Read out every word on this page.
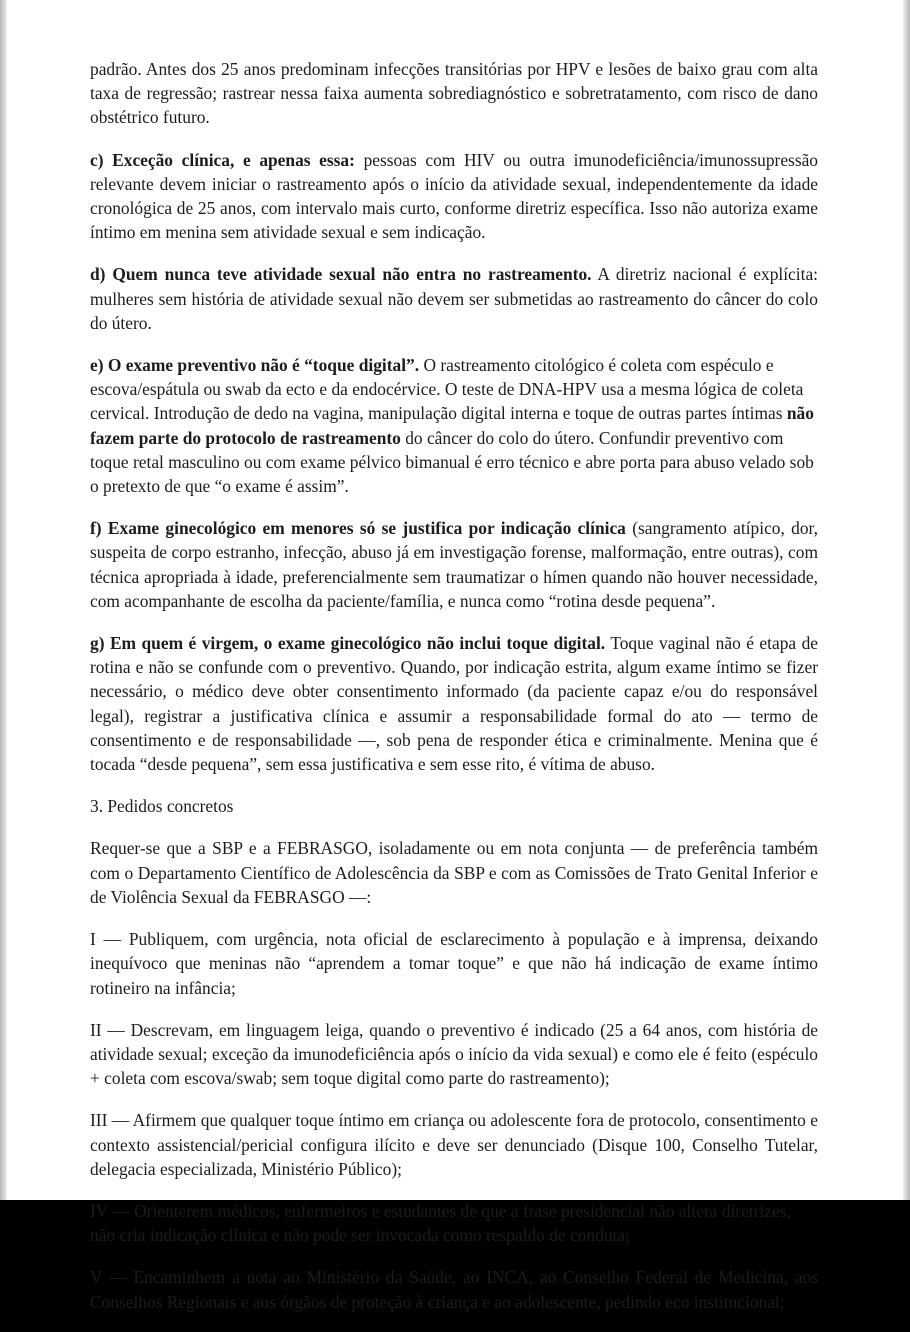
padrão. Antes dos 25 anos predominam infecções transitórias por HPV e lesões de baixo grau com alta taxa de regressão; rastrear nessa faixa aumenta sobrediagnóstico e sobretratamento, com risco de dano obstétrico futuro.

c) Exceção clínica, e apenas essa: pessoas com HIV ou outra imunodeficiência/imunossupressão relevante devem iniciar o rastreamento após o início da atividade sexual, independentemente da idade cronológica de 25 anos, com intervalo mais curto, conforme diretriz específica. Isso não autoriza exame íntimo em menina sem atividade sexual e sem indicação.

d) Quem nunca teve atividade sexual não entra no rastreamento. A diretriz nacional é explícita: mulheres sem história de atividade sexual não devem ser submetidas ao rastreamento do câncer do colo do útero.

e) O exame preventivo não é “toque digital”. O rastreamento citológico é coleta com espéculo e escova/espátula ou swab da ecto e da endocérvice. O teste de DNA-HPV usa a mesma lógica de coleta cervical. Introdução de dedo na vagina, manipulação digital interna e toque de outras partes íntimas não fazem parte do protocolo de rastreamento do câncer do colo do útero. Confundir preventivo com toque retal masculino ou com exame pélvico bimanual é erro técnico e abre porta para abuso velado sob o pretexto de que “o exame é assim”.

f) Exame ginecológico em menores só se justifica por indicação clínica (sangramento atípico, dor, suspeita de corpo estranho, infecção, abuso já em investigação forense, malformação, entre outras), com técnica apropriada à idade, preferencialmente sem traumatizar o hímen quando não houver necessidade, com acompanhante de escolha da paciente/família, e nunca como “rotina desde pequena”.

g) Em quem é virgem, o exame ginecológico não inclui toque digital. Toque vaginal não é etapa de rotina e não se confunde com o preventivo. Quando, por indicação estrita, algum exame íntimo se fizer necessário, o médico deve obter consentimento informado (da paciente capaz e/ou do responsável legal), registrar a justificativa clínica e assumir a responsabilidade formal do ato — termo de consentimento e de responsabilidade —, sob pena de responder ética e criminalmente. Menina que é tocada “desde pequena”, sem essa justificativa e sem esse rito, é vítima de abuso.

3. Pedidos concretos

Requer-se que a SBP e a FEBRASGO, isoladamente ou em nota conjunta — de preferência também com o Departamento Científico de Adolescência da SBP e com as Comissões de Trato Genital Inferior e de Violência Sexual da FEBRASGO —:

I — Publiquem, com urgência, nota oficial de esclarecimento à população e à imprensa, deixando inequívoco que meninas não “aprendem a tomar toque” e que não há indicação de exame íntimo rotineiro na infância;

II — Descrevam, em linguagem leiga, quando o preventivo é indicado (25 a 64 anos, com história de atividade sexual; exceção da imunodeficiência após o início da vida sexual) e como ele é feito (espéculo + coleta com escova/swab; sem toque digital como parte do rastreamento);

III — Afirmem que qualquer toque íntimo em criança ou adolescente fora de protocolo, consentimento e contexto assistencial/pericial configura ilícito e deve ser denunciado (Disque 100, Conselho Tutelar, delegacia especializada, Ministério Público);

IV — Orienterem médicos, enfermeiros e estudantes de que a frase presidencial não altera diretrizes, não cria indicação clínica e não pode ser invocada como respaldo de conduta;

V — Encaminhem a nota ao Ministério da Saúde, ao INCA, ao Conselho Federal de Medicina, aos Conselhos Regionais e aos órgãos de proteção à criança e ao adolescente, pedindo eco institucional;
